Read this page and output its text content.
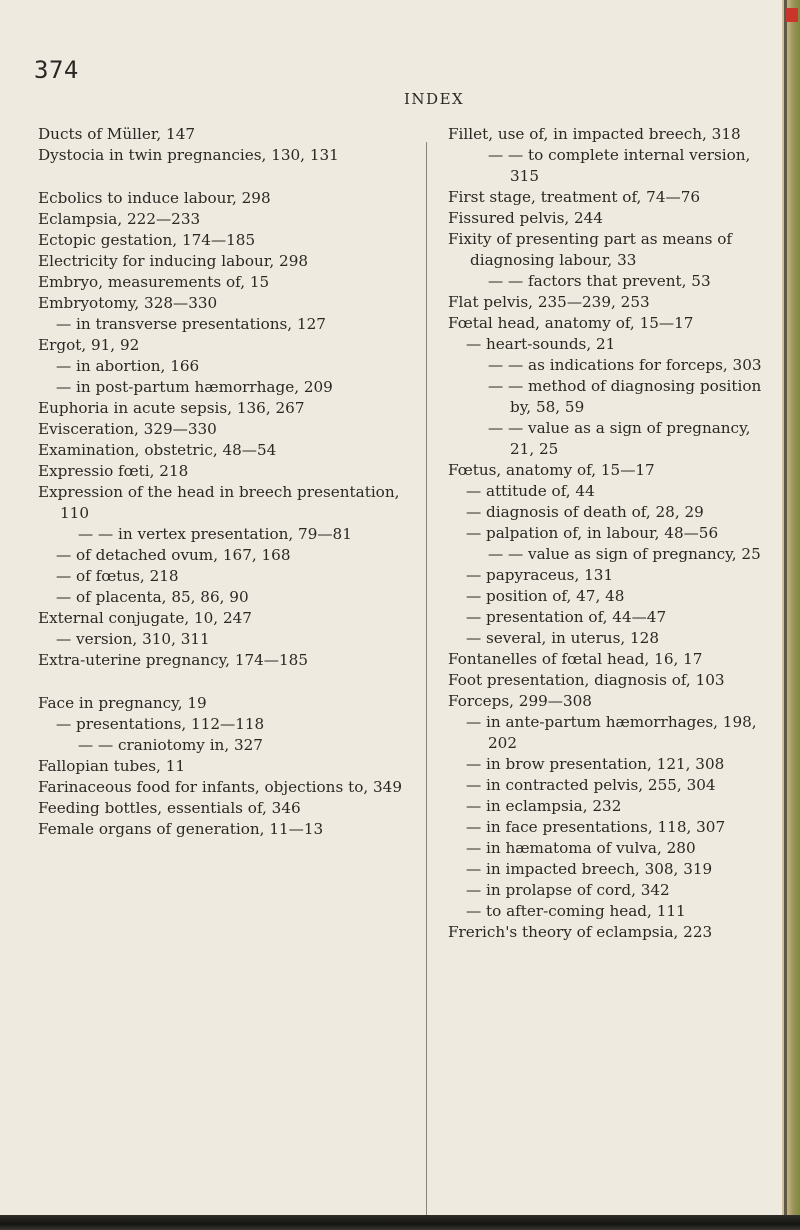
374
INDEX
Ducts of Müller, 147
Dystocia in twin pregnancies, 130, 131
Ecbolics to induce labour, 298
Eclampsia, 222—233
Ectopic gestation, 174—185
Electricity for inducing labour, 298
Embryo, measurements of, 15
Embryotomy, 328—330
— in transverse presentations, 127
Ergot, 91, 92
— in abortion, 166
— in post-partum hæmorrhage, 209
Euphoria in acute sepsis, 136, 267
Evisceration, 329—330
Examination, obstetric, 48—54
Expressio fœti, 218
Expression of the head in breech presentation, 110
— — in vertex presentation, 79—81
— of detached ovum, 167, 168
— of fœtus, 218
— of placenta, 85, 86, 90
External conjugate, 10, 247
— version, 310, 311
Extra-uterine pregnancy, 174—185
Face in pregnancy, 19
— presentations, 112—118
— — craniotomy in, 327
Fallopian tubes, 11
Farinaceous food for infants, objections to, 349
Feeding bottles, essentials of, 346
Female organs of generation, 11—13
Fillet, use of, in impacted breech, 318
— — to complete internal version, 315
First stage, treatment of, 74—76
Fissured pelvis, 244
Fixity of presenting part as means of diagnosing labour, 33
— — factors that prevent, 53
Flat pelvis, 235—239, 253
Fœtal head, anatomy of, 15—17
— heart-sounds, 21
— — as indications for forceps, 303
— — method of diagnosing position by, 58, 59
— — value as a sign of pregnancy, 21, 25
Fœtus, anatomy of, 15—17
— attitude of, 44
— diagnosis of death of, 28, 29
— palpation of, in labour, 48—56
— — value as sign of pregnancy, 25
— papyraceus, 131
— position of, 47, 48
— presentation of, 44—47
— several, in uterus, 128
Fontanelles of fœtal head, 16, 17
Foot presentation, diagnosis of, 103
Forceps, 299—308
— in ante-partum hæmorrhages, 198, 202
— in brow presentation, 121, 308
— in contracted pelvis, 255, 304
— in eclampsia, 232
— in face presentations, 118, 307
— in hæmatoma of vulva, 280
— in impacted breech, 308, 319
— in prolapse of cord, 342
— to after-coming head, 111
Frerich's theory of eclampsia, 223
